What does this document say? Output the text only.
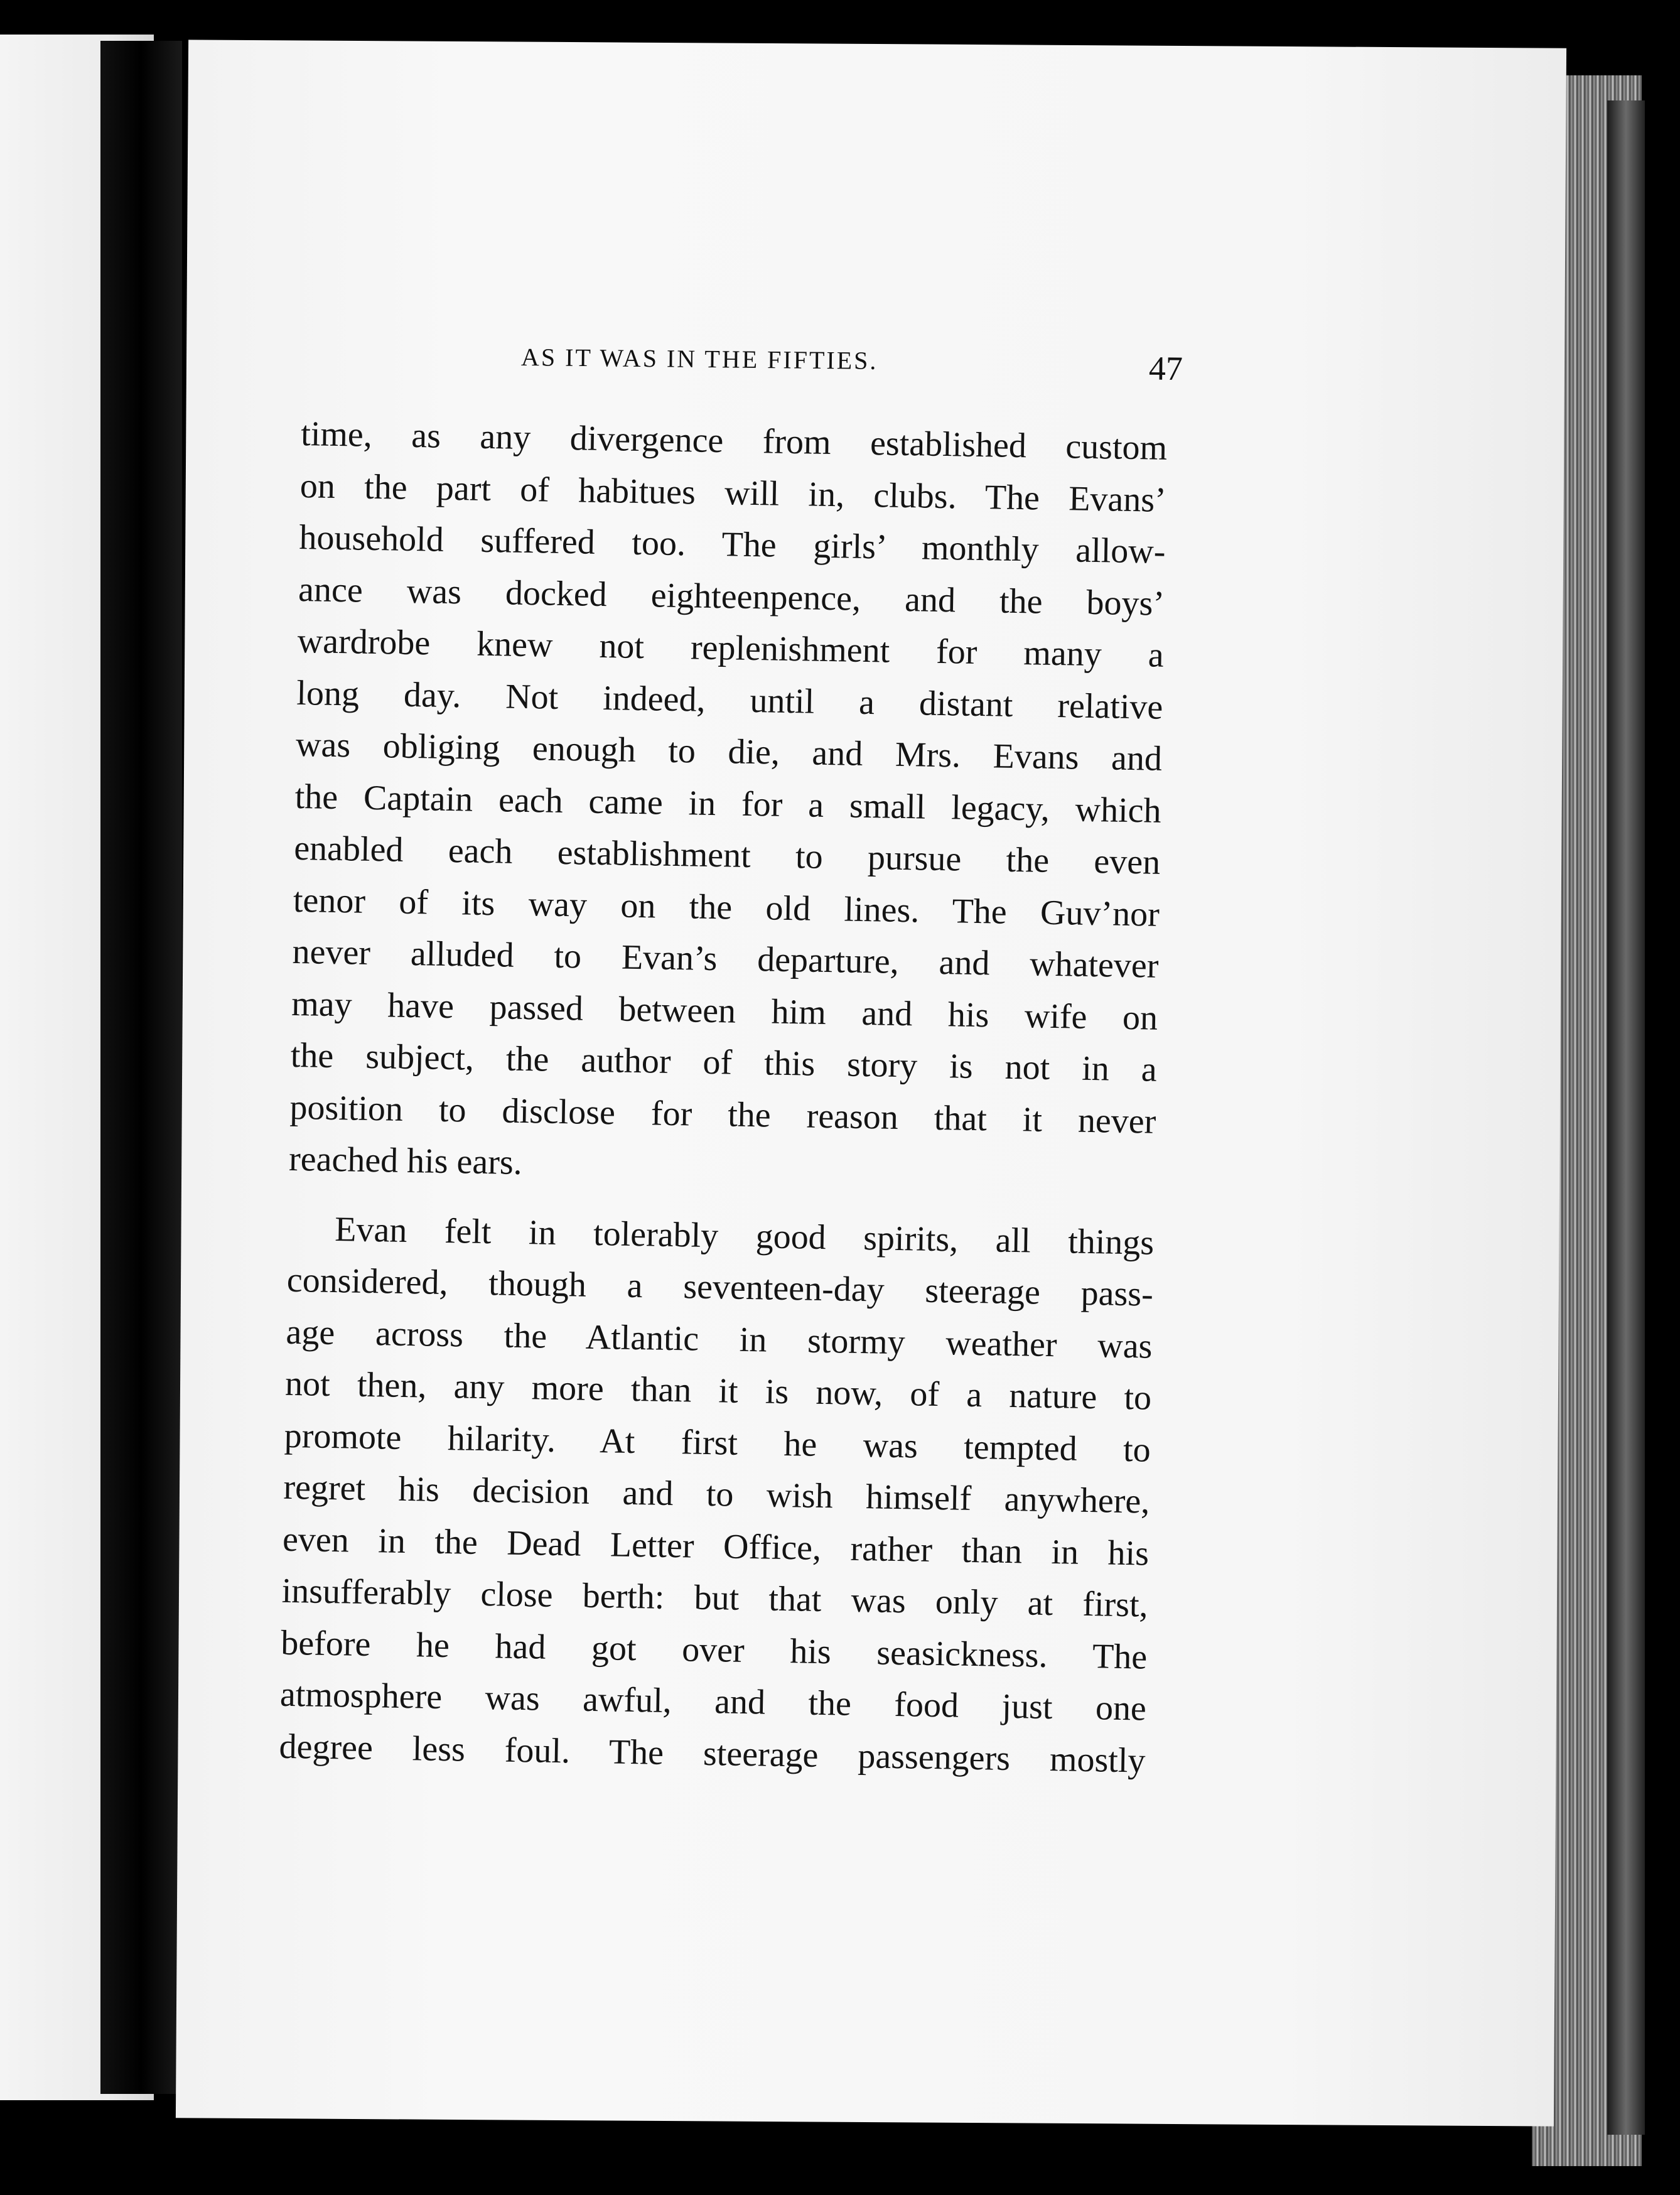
AS IT WAS IN THE FIFTIES.	47
time, as any divergence from established custom
on the part of habitues will in, clubs. The Evans’
household suffered too. The girls’ monthly allow-
ance was docked eighteenpence, and the boys’
wardrobe knew not replenishment for many a
long day. Not indeed, until a distant relative
was obliging enough to die, and Mrs. Evans and
the Captain each came in for a small legacy, which
enabled each establishment to pursue the even
tenor of its way on the old lines. The Guv’nor
never alluded to Evan’s departure, and whatever
may have passed between him and his wife on
the subject, the author of this story is not in a
position to disclose for the reason that it never
reached his ears.
Evan felt in tolerably good spirits, all things
considered, though a seventeen-day steerage pass-
age across the Atlantic in stormy weather was
not then, any more than it is now, of a nature to
promote hilarity. At first he was tempted to
regret his decision and to wish himself anywhere,
even in the Dead Letter Office, rather than in his
insufferably close berth: but that was only at first,
before he had got over his seasickness. The
atmosphere was awful, and the food just one
degree less foul. The steerage passengers mostly
